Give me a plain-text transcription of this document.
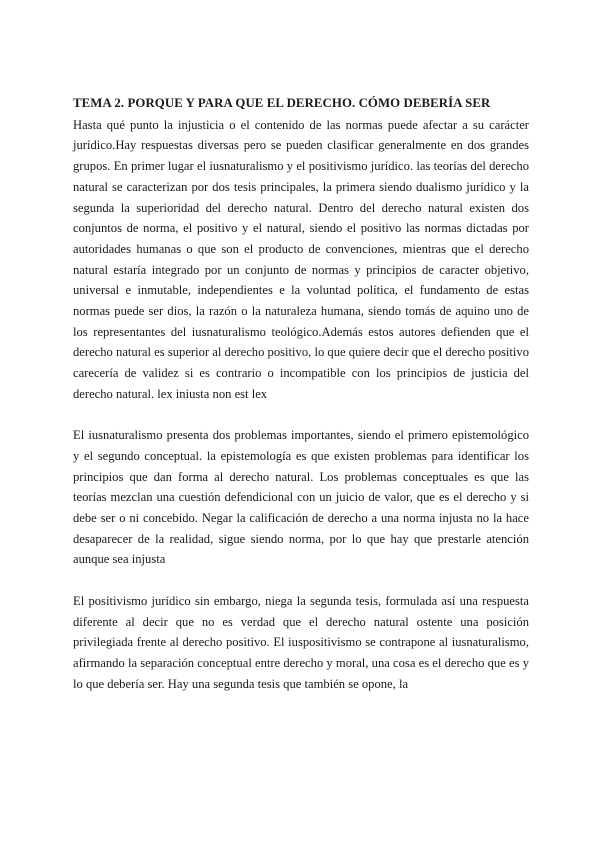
TEMA 2. PORQUE Y PARA QUE EL DERECHO. CÓMO DEBERÍA SER

Hasta qué punto la injusticia o el contenido de las normas puede afectar a su carácter jurídico.Hay respuestas diversas pero se pueden clasificar generalmente en dos grandes grupos. En primer lugar el iusnaturalismo y el positivismo jurídico. las teorías del derecho natural se caracterizan por dos tesis principales, la primera siendo dualismo jurídico y la segunda la superioridad del derecho natural. Dentro del derecho natural existen dos conjuntos de norma, el positivo y el natural, siendo el positivo las normas dictadas por autoridades humanas o que son el producto de convenciones, mientras que el derecho natural estaría integrado por un conjunto de normas y principios de caracter objetivo, universal e inmutable, independientes e la voluntad política, el fundamento de estas normas puede ser dios, la razón o la naturaleza humana, siendo tomás de aquino uno de los representantes del iusnaturalismo teológico.Además estos autores defienden que el derecho natural es superior al derecho positivo, lo que quiere decir que el derecho positivo carecería de validez si es contrario o incompatible con los principios de justicia del derecho natural. lex iniusta non est lex

El iusnaturalismo presenta dos problemas importantes, siendo el primero epistemológico y el segundo conceptual. la epistemología es que existen problemas para identificar los principios que dan forma al derecho natural. Los problemas conceptuales es que las teorías mezclan una cuestión defendicional con un juicio de valor, que es el derecho y si debe ser o ni concebido. Negar la calificación de derecho a una norma injusta no la hace desaparecer de la realidad, sigue siendo norma, por lo que hay que prestarle atención aunque sea injusta

El positivismo jurídico sin embargo, niega la segunda tesis, formulada así una respuesta diferente al decir que no es verdad que el derecho natural ostente una posición privilegiada frente al derecho positivo. El iuspositivismo se contrapone al iusnaturalismo, afirmando la separación conceptual entre derecho y moral, una cosa es el derecho que es y lo que debería ser. Hay una segunda tesis que también se opone, la
